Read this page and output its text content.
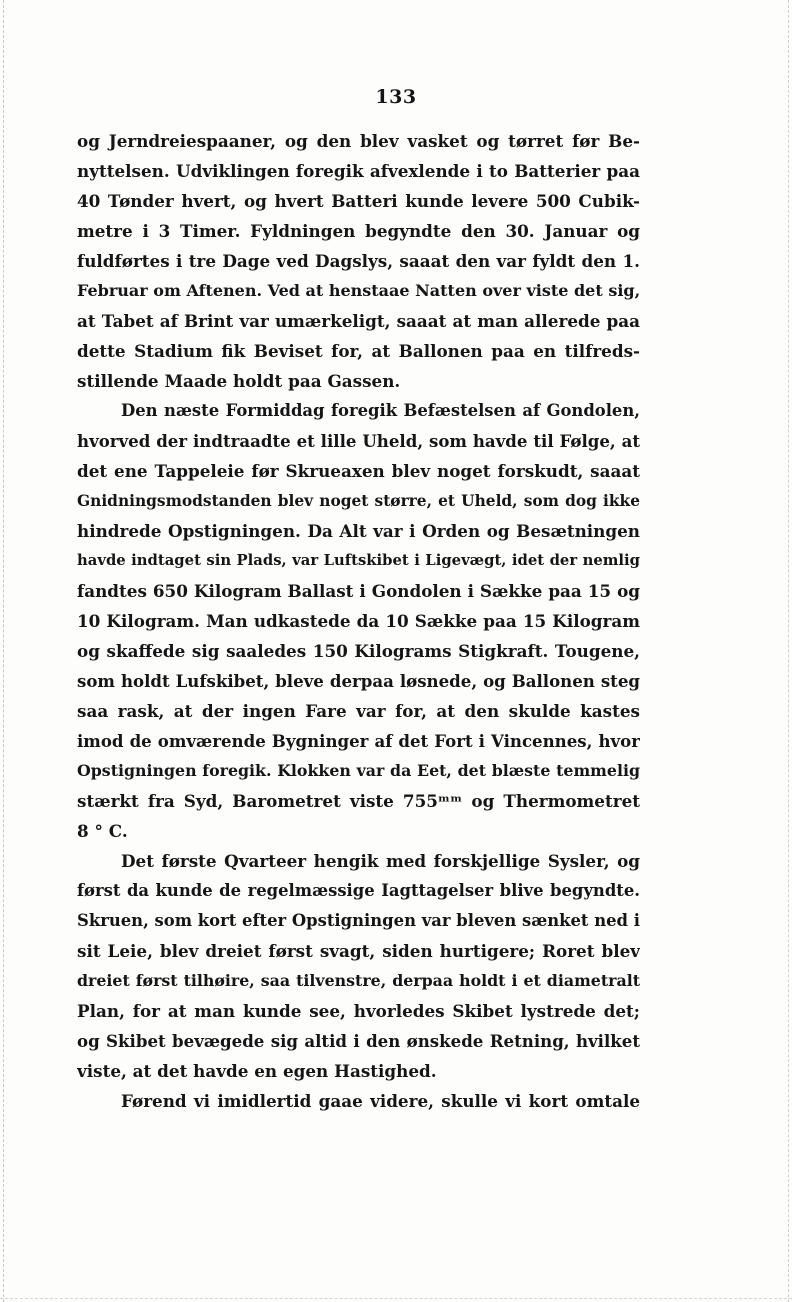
133
og Jerndreiespaaner, og den blev vasket og tørret før Be-
nyttelsen. Udviklingen foregik afvexlende i to Batterier paa
40 Tønder hvert, og hvert Batteri kunde levere 500 Cubik-
metre i 3 Timer. Fyldningen begyndte den 30. Januar og
fuldførtes i tre Dage ved Dagslys, saaat den var fyldt den 1.
Februar om Aftenen. Ved at henstaae Natten over viste det sig,
at Tabet af Brint var umærkeligt, saaat at man allerede paa
dette Stadium fik Beviset for, at Ballonen paa en tilfreds-
stillende Maade holdt paa Gassen.
Den næste Formiddag foregik Befæstelsen af Gondolen,
hvorved der indtraadte et lille Uheld, som havde til Følge, at
det ene Tappeleie før Skrueaxen blev noget forskudt, saaat
Gnidningsmodstanden blev noget større, et Uheld, som dog ikke
hindrede Opstigningen. Da Alt var i Orden og Besætningen
havde indtaget sin Plads, var Luftskibet i Ligevægt, idet der nemlig
fandtes 650 Kilogram Ballast i Gondolen i Sække paa 15 og
10 Kilogram. Man udkastede da 10 Sække paa 15 Kilogram
og skaffede sig saaledes 150 Kilograms Stigkraft. Tougene,
som holdt Lufskibet, bleve derpaa løsnede, og Ballonen steg
saa rask, at der ingen Fare var for, at den skulde kastes
imod de omværende Bygninger af det Fort i Vincennes, hvor
Opstigningen foregik. Klokken var da Eet, det blæste temmelig
stærkt fra Syd, Barometret viste 755ᵐᵐ og Thermometret
8 ° C.
Det første Qvarteer hengik med forskjellige Sysler, og
først da kunde de regelmæssige Iagttagelser blive begyndte.
Skruen, som kort efter Opstigningen var bleven sænket ned i
sit Leie, blev dreiet først svagt, siden hurtigere; Roret blev
dreiet først tilhøire, saa tilvenstre, derpaa holdt i et diametralt
Plan, for at man kunde see, hvorledes Skibet lystrede det;
og Skibet bevægede sig altid i den ønskede Retning, hvilket
viste, at det havde en egen Hastighed.
Førend vi imidlertid gaae videre, skulle vi kort omtale
